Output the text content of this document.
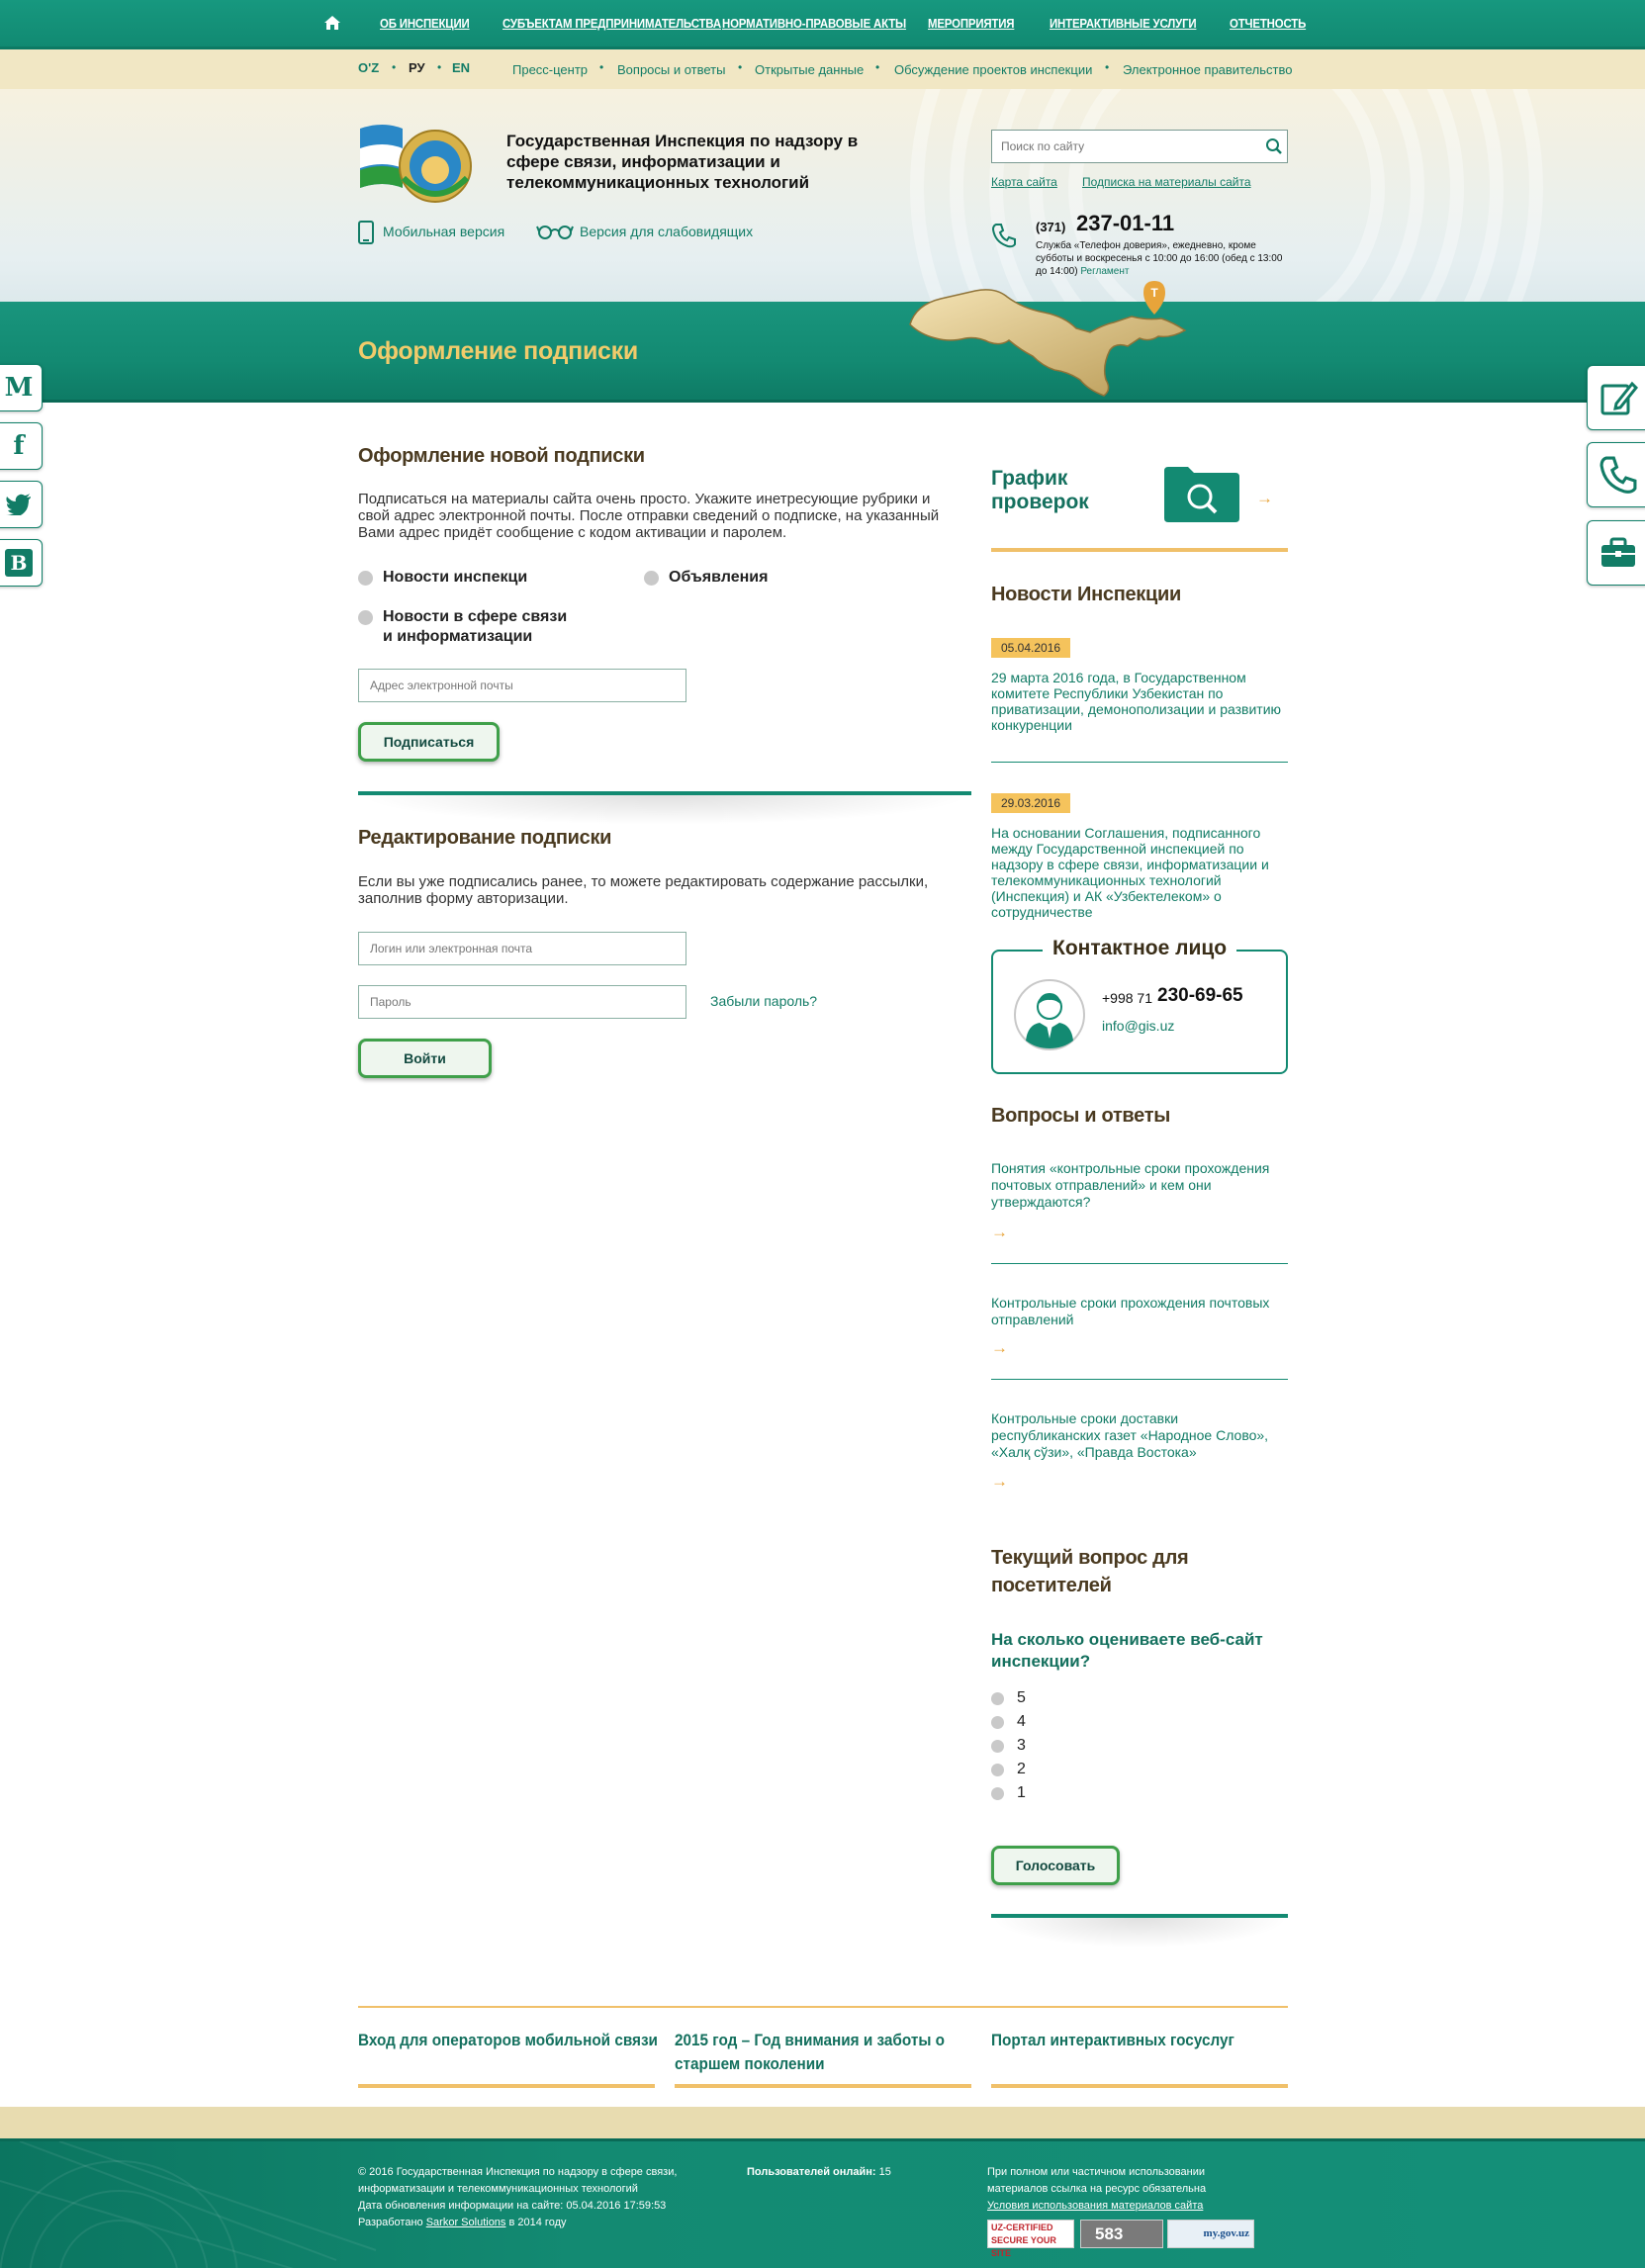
ОБ ИНСПЕКЦИИ	СУБЪЕКТАМ ПРЕДПРИНИМАТЕЛЬСТВА НОРМАТИВНО-ПРАВОВЫЕ АКТЫ МЕРОПРИЯТИЯ	ИНТЕРАКТИВНЫЕ УСЛУГИ	ОТЧЕТНОСТЬ
O'Z • РУ • EN	Пресс-центр • Вопросы и ответы • Открытые данные • Обсуждение проектов инспекции • Электронное правительство
Государственная Инспекция по надзору в сфере связи, информатизации и телекоммуникационных технологий
Мобильная версия	Версия для слабовидящих
Поиск по сайту
Карта сайта Подписка на материалы сайта
(371) 237-01-11
Служба «Телефон доверия», ежедневно, кроме субботы и воскресенья с 10:00 до 16:00 (обед с 13:00 до 14:00) Регламент
Оформление подписки
T
M
f
B
Оформление новой подписки

Подписаться на материалы сайта очень просто. Укажите инетресующие рубрики и свой адрес электронной почты. После отправки сведений о подписке, на указанный Вами адрес придёт сообщение с кодом активации и паролем.

Новости инспекци	Объявления
Новости в сфере связи
и информатизации
Адрес электронной почты
Подписаться
Редактирование подписки

Если вы уже подписались ранее, то можете редактировать содержание рассылки, заполнив форму авторизации.

Логин или электронная почта
Забыли пароль?
Войти
График
проверок	→
Новости Инспекции
05.04.2016
29 марта 2016 года, в Государственном комитете Республики Узбекистан по приватизации, демонополизации и развитию конкуренции
29.03.2016
На основании Соглашения, подписанного между Государственной инспекцией по надзору в сфере связи, информатизации и телекоммуникационных технологий (Инспекция) и АК «Узбектелеком» о сотрудничестве
Контактное лицо
+998 71 230-69-65
info@gis.uz
Вопросы и ответы
Понятия «контрольные сроки прохождения почтовых отправлений» и кем они утверждаются?
→
Контрольные сроки прохождения почтовых отправлений
→
Контрольные сроки доставки республиканских газет «Народное Слово», «Халқ сўзи», «Правда Востока»
→
Текущий вопрос для
посетителей
На сколько оцениваете веб-сайт инспекции?
5
4
3
2
1
Голосовать
Вход для операторов мобильной связи 2015 год – Год внимания и заботы о
старшем поколении
Портал интерактивных госуслуг
© 2016 Государственная Инспекция по надзору в сфере связи,
информатизации и телекоммуникационных технологий
Дата обновления информации на сайте: 05.04.2016 17:59:53
Разработано Sarkor Solutions в 2014 году
Пользователей онлайн: 15	При полном или частичном использовании
материалов ссылка на ресурс обязательна
Условия использования материалов сайта
UZ-CERTIFIED SECURE YOUR SITE
583	my.gov.uz
